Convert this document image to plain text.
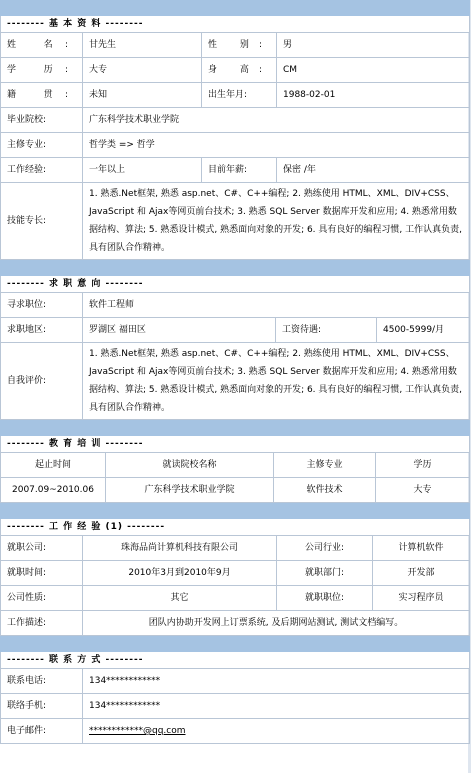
-------- 基 本 资 料 --------			
姓 名:	甘先生	性 别:	男
学 历:	大专	身 高:	CM
籍 贯:	未知	出生年月:	1988-02-01
毕业院校:	广东科学技术职业学院		
主修专业:	哲学类 => 哲学		
工作经验:	一年以上	目前年薪:	保密 /年
技能专长:	1. 熟悉.Net框架, 熟悉 asp.net、C#、C++编程; 2. 熟练使用 HTML、XML、DIV+CSS、JavaScript 和 Ajax等网页前台技术; 3. 熟悉 SQL Server 数据库开发和应用; 4. 熟悉常用数据结构、算法; 5. 熟悉设计模式, 熟悉面向对象的开发; 6. 具有良好的编程习惯, 工作认真负责, 具有团队合作精神。		

-------- 求 职 意 向 --------			
寻求职位:	软件工程师		
求职地区:	罗湖区 福田区	工资待遇:	4500-5999/月
自我评价:	1. 熟悉.Net框架, 熟悉 asp.net、C#、C++编程; 2. 熟练使用 HTML、XML、DIV+CSS、JavaScript 和 Ajax等网页前台技术; 3. 熟悉 SQL Server 数据库开发和应用; 4. 熟悉常用数据结构、算法; 5. 熟悉设计模式, 熟悉面向对象的开发; 6. 具有良好的编程习惯, 工作认真负责, 具有团队合作精神。		

-------- 教 育 培 训 --------			
起止时间	就读院校名称	主修专业	学历
2007.09~2010.06	广东科学技术职业学院	软件技术	大专

-------- 工 作 经 验 (1) --------			
就职公司:	珠海品尚计算机科技有限公司	公司行业:	计算机软件
就职时间:	2010年3月到2010年9月	就职部门:	开发部
公司性质:	其它	就职职位:	实习程序员
工作描述:	团队内协助开发网上订票系统, 及后期网站测试, 测试文档编写。		

-------- 联 系 方 式 --------	
联系电话:	134************
联络手机:	134************
电子邮件:	************@qq.com
